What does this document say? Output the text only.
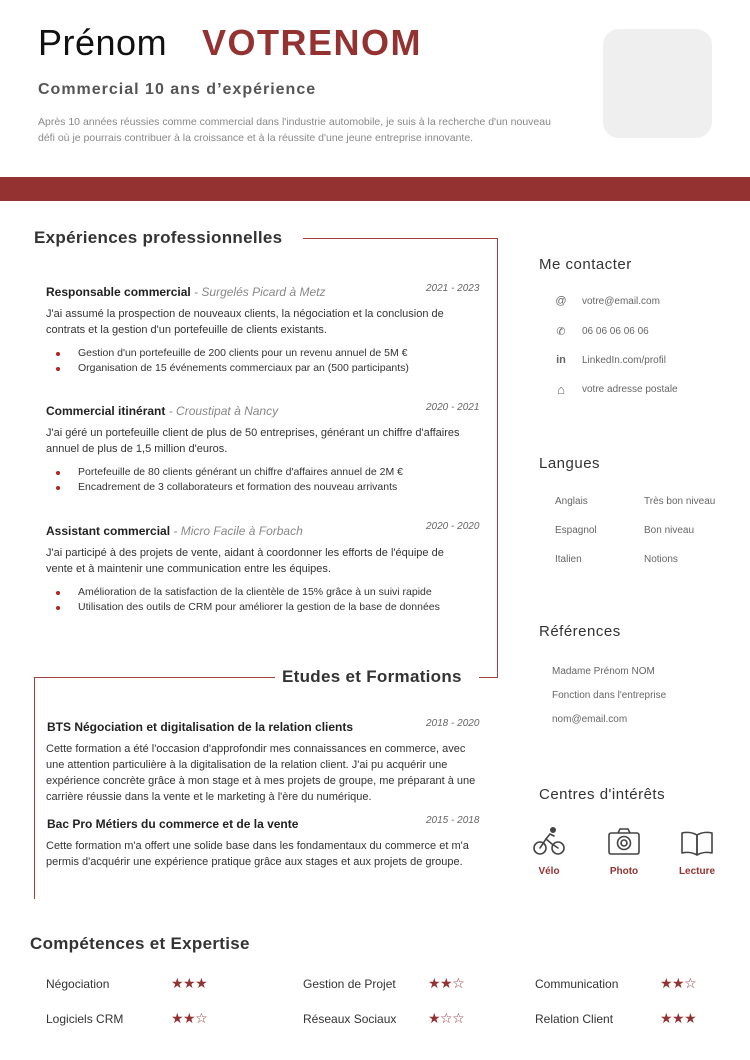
Prénom VOTRENOM
Commercial 10 ans d’expérience
Après 10 années réussies comme commercial dans l'industrie automobile, je suis à la recherche d'un nouveau défi où je pourrais contribuer à la croissance et à la réussite d'une jeune entreprise innovante.
Expériences professionnelles
Responsable commercial - Surgelés Picard à Metz	2021 - 2023
J'ai assumé la prospection de nouveaux clients, la négociation et la conclusion de contrats et la gestion d'un portefeuille de clients existants.
Gestion d'un portefeuille de 200 clients pour un revenu annuel de 5M €
Organisation de 15 événements commerciaux par an (500 participants)
Commercial itinérant - Croustipat à Nancy	2020 - 2021
J'ai géré un portefeuille client de plus de 50 entreprises, générant un chiffre d'affaires annuel de plus de 1,5 million d'euros.
Portefeuille de 80 clients générant un chiffre d'affaires annuel de 2M €
Encadrement de 3 collaborateurs et formation des nouveau arrivants
Assistant commercial - Micro Facile à Forbach	2020 - 2020
J'ai participé à des projets de vente, aidant à coordonner les efforts de l'équipe de vente et à maintenir une communication entre les équipes.
Amélioration de la satisfaction de la clientèle de 15% grâce à un suivi rapide
Utilisation des outils de CRM pour améliorer la gestion de la base de données
Etudes et Formations
BTS Négociation et digitalisation de la relation clients	2018 - 2020
Cette formation a été l'occasion d'approfondir mes connaissances en commerce, avec une attention particulière à la digitalisation de la relation client. J'ai pu acquérir une expérience concrète grâce à mon stage et à mes projets de groupe, me préparant à une carrière réussie dans la vente et le marketing à l'ère du numérique.
Bac Pro Métiers du commerce et de la vente	2015 - 2018
Cette formation m'a offert une solide base dans les fondamentaux du commerce et m'a permis d'acquérir une expérience pratique grâce aux stages et aux projets de groupe.
Me contacter
@ votre@email.com
✆	06 06 06 06 06
in	LinkedIn.com/profil
⌂	votre adresse postale
Langues
Anglais	Très bon niveau
Espagnol	Bon niveau
Italien	Notions
Références
Madame Prénom NOM
Fonction dans l'entreprise
nom@email.com
Centres d'intérêts
Vélo	Photo	Lecture
Compétences et Expertise
Négociation	★★★	Gestion de Projet ★★☆	Communication	★★☆
Logiciels CRM	★★☆	Réseaux Sociaux ★☆☆	Relation Client	★★★
